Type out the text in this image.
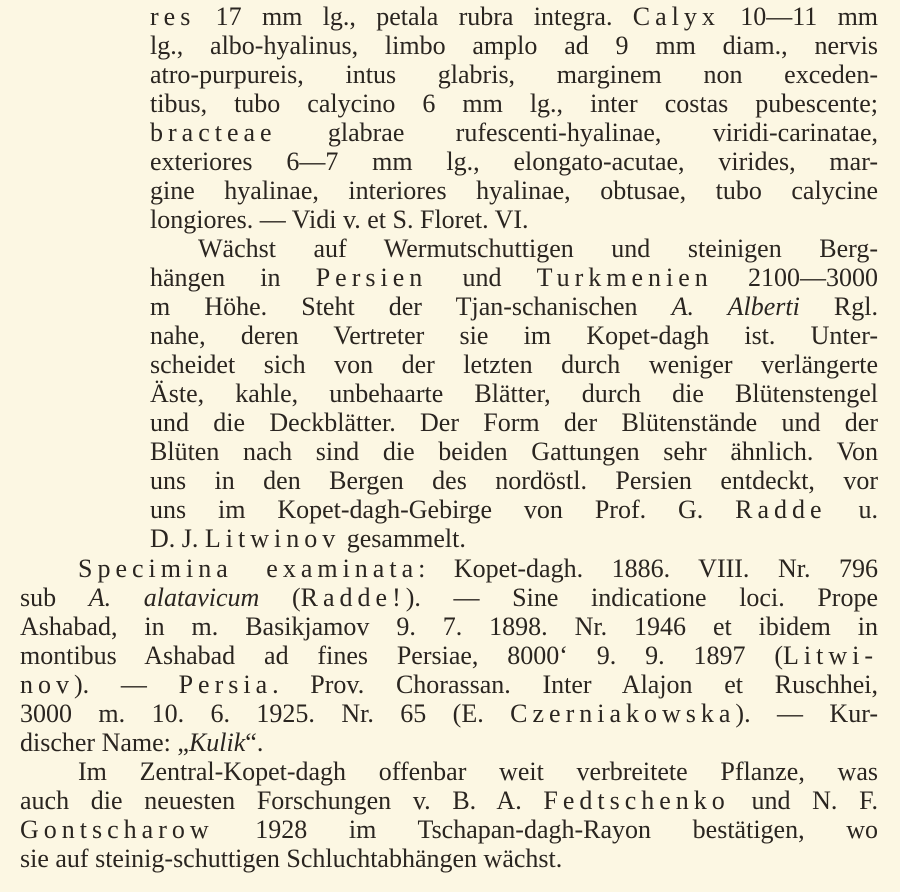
res 17 mm lg., petala rubra integra. Calyx 10—11 mm
lg., albo-hyalinus, limbo amplo ad 9 mm diam., nervis
atro-purpureis, intus glabris, marginem non exceden-
tibus, tubo calycino 6 mm lg., inter costas pubescente;
bracteae glabrae rufescenti-hyalinae, viridi-carinatae,
exteriores 6—7 mm lg., elongato-acutae, virides, mar-
gine hyalinae, interiores hyalinae, obtusae, tubo calycine
longiores. — Vidi v. et S. Floret. VI.
Wächst auf Wermutschuttigen und steinigen Berg-
hängen in Persien und Turkmenien 2100—3000
m Höhe. Steht der Tjan-schanischen A. Alberti Rgl.
nahe, deren Vertreter sie im Kopet-dagh ist. Unter-
scheidet sich von der letzten durch weniger verlängerte
Äste, kahle, unbehaarte Blätter, durch die Blütenstengel
und die Deckblätter. Der Form der Blütenstände und der
Blüten nach sind die beiden Gattungen sehr ähnlich. Von
uns in den Bergen des nordöstl. Persien entdeckt, vor
uns im Kopet-dagh-Gebirge von Prof. G. Radde u.
D. J. Litwinov gesammelt.
Specimina examinata: Kopet-dagh. 1886. VIII. Nr. 796
sub A. alatavicum (Radde!). — Sine indicatione loci. Prope
Ashabad, in m. Basikjamov 9. 7. 1898. Nr. 1946 et ibidem in
montibus Ashabad ad fines Persiae, 8000‘ 9. 9. 1897 (Litwi-
nov). — Persia. Prov. Chorassan. Inter Alajon et Ruschhei,
3000 m. 10. 6. 1925. Nr. 65 (E. Czerniakowska). — Kur-
discher Name: „Kulik“.
Im Zentral-Kopet-dagh offenbar weit verbreitete Pflanze, was
auch die neuesten Forschungen v. B. A. Fedtschenko und N. F.
Gontscharow 1928 im Tschapan-dagh-Rayon bestätigen, wo
sie auf steinig-schuttigen Schluchtabhängen wächst.
